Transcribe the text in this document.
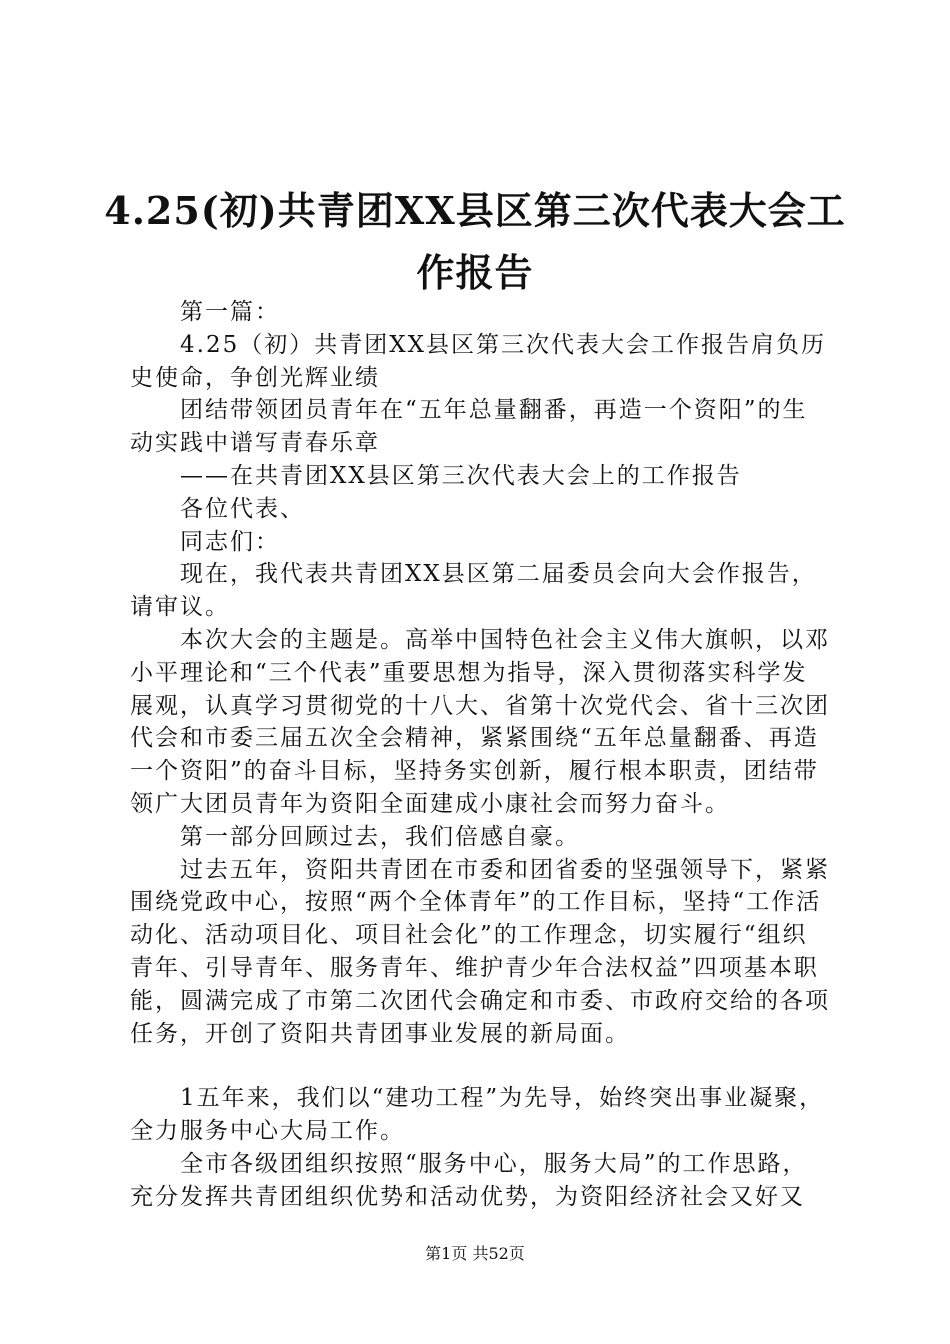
4.25(初)共青团XX县区第三次代表大会工作报告

第一篇：

4.25（初）共青团XX县区第三次代表大会工作报告肩负历史使命，争创光辉业绩

团结带领团员青年在“五年总量翻番，再造一个资阳”的生动实践中谱写青春乐章

——在共青团XX县区第三次代表大会上的工作报告

各位代表、

同志们：

现在，我代表共青团XX县区第二届委员会向大会作报告，请审议。

本次大会的主题是。高举中国特色社会主义伟大旗帜，以邓小平理论和“三个代表”重要思想为指导，深入贯彻落实科学发展观，认真学习贯彻党的十八大、省第十次党代会、省十三次团代会和市委三届五次全会精神，紧紧围绕“五年总量翻番、再造一个资阳”的奋斗目标，坚持务实创新，履行根本职责，团结带领广大团员青年为资阳全面建成小康社会而努力奋斗。

第一部分回顾过去，我们倍感自豪。

过去五年，资阳共青团在市委和团省委的坚强领导下，紧紧围绕党政中心，按照“两个全体青年”的工作目标，坚持“工作活动化、活动项目化、项目社会化”的工作理念，切实履行“组织青年、引导青年、服务青年、维护青少年合法权益”四项基本职能，圆满完成了市第二次团代会确定和市委、市政府交给的各项任务，开创了资阳共青团事业发展的新局面。

1五年来，我们以“建功工程”为先导，始终突出事业凝聚，全力服务中心大局工作。

全市各级团组织按照“服务中心，服务大局”的工作思路，充分发挥共青团组织优势和活动优势，为资阳经济社会又好又

第1页 共52页
